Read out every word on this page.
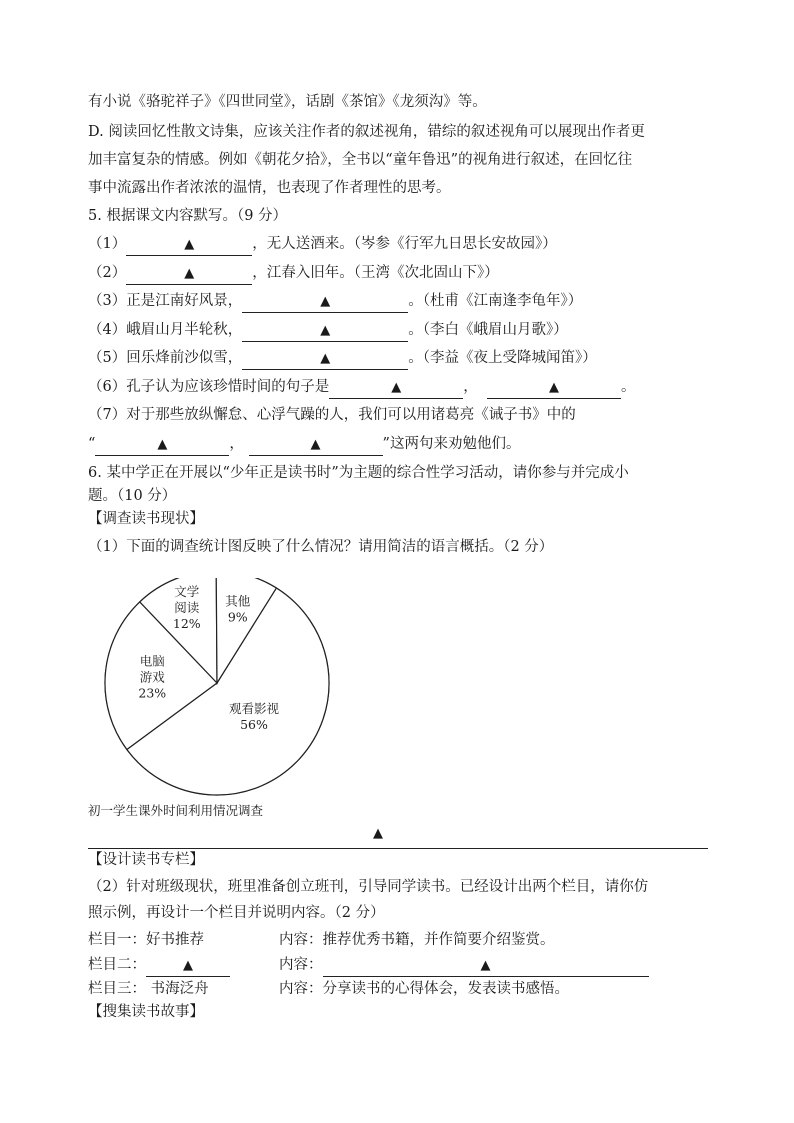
有小说《骆驼祥子》《四世同堂》，话剧《茶馆》《龙须沟》等。
D. 阅读回忆性散文诗集，应该关注作者的叙述视角，错综的叙述视角可以展现出作者更
加丰富复杂的情感。例如《朝花夕拾》，全书以“童年鲁迅”的视角进行叙述，在回忆往
事中流露出作者浓浓的温情，也表现了作者理性的思考。
5. 根据课文内容默写。（9 分）
（1）	▲	，无人送酒来。（岑参《行军九日思长安故园》）
（2）	▲	，江春入旧年。（王湾《次北固山下》）
（3）正是江南好风景，	▲	。（杜甫《江南逢李龟年》）
（4）峨眉山月半轮秋，	▲	。（李白《峨眉山月歌》）
（5）回乐烽前沙似雪，	▲	。（李益《夜上受降城闻笛》）
（6）孔子认为应该珍惜时间的句子是	▲	，	▲	。
（7）对于那些放纵懈怠、心浮气躁的人，我们可以用诸葛亮《诫子书》中的
“	▲	，	▲	”这两句来劝勉他们。
6. 某中学正在开展以“少年正是读书时”为主题的综合性学习活动，请你参与并完成小
题。（10 分）
【调查读书现状】
（1）下面的调查统计图反映了什么情况？请用简洁的语言概括。（2 分）
观看影视 56%
电脑游戏 23%
文学阅读 12%
其他 9%
初一学生课外时间利用情况调查
▲
【设计读书专栏】
（2）针对班级现状，班里准备创立班刊，引导同学读书。已经设计出两个栏目，请你仿
照示例，再设计一个栏目并说明内容。（2 分）
栏目一：好书推荐	内容：推荐优秀书籍，并作简要介绍鉴赏。
栏目二：	▲	内容：	▲
栏目三： 书海泛舟	内容：分享读书的心得体会，发表读书感悟。
【搜集读书故事】
